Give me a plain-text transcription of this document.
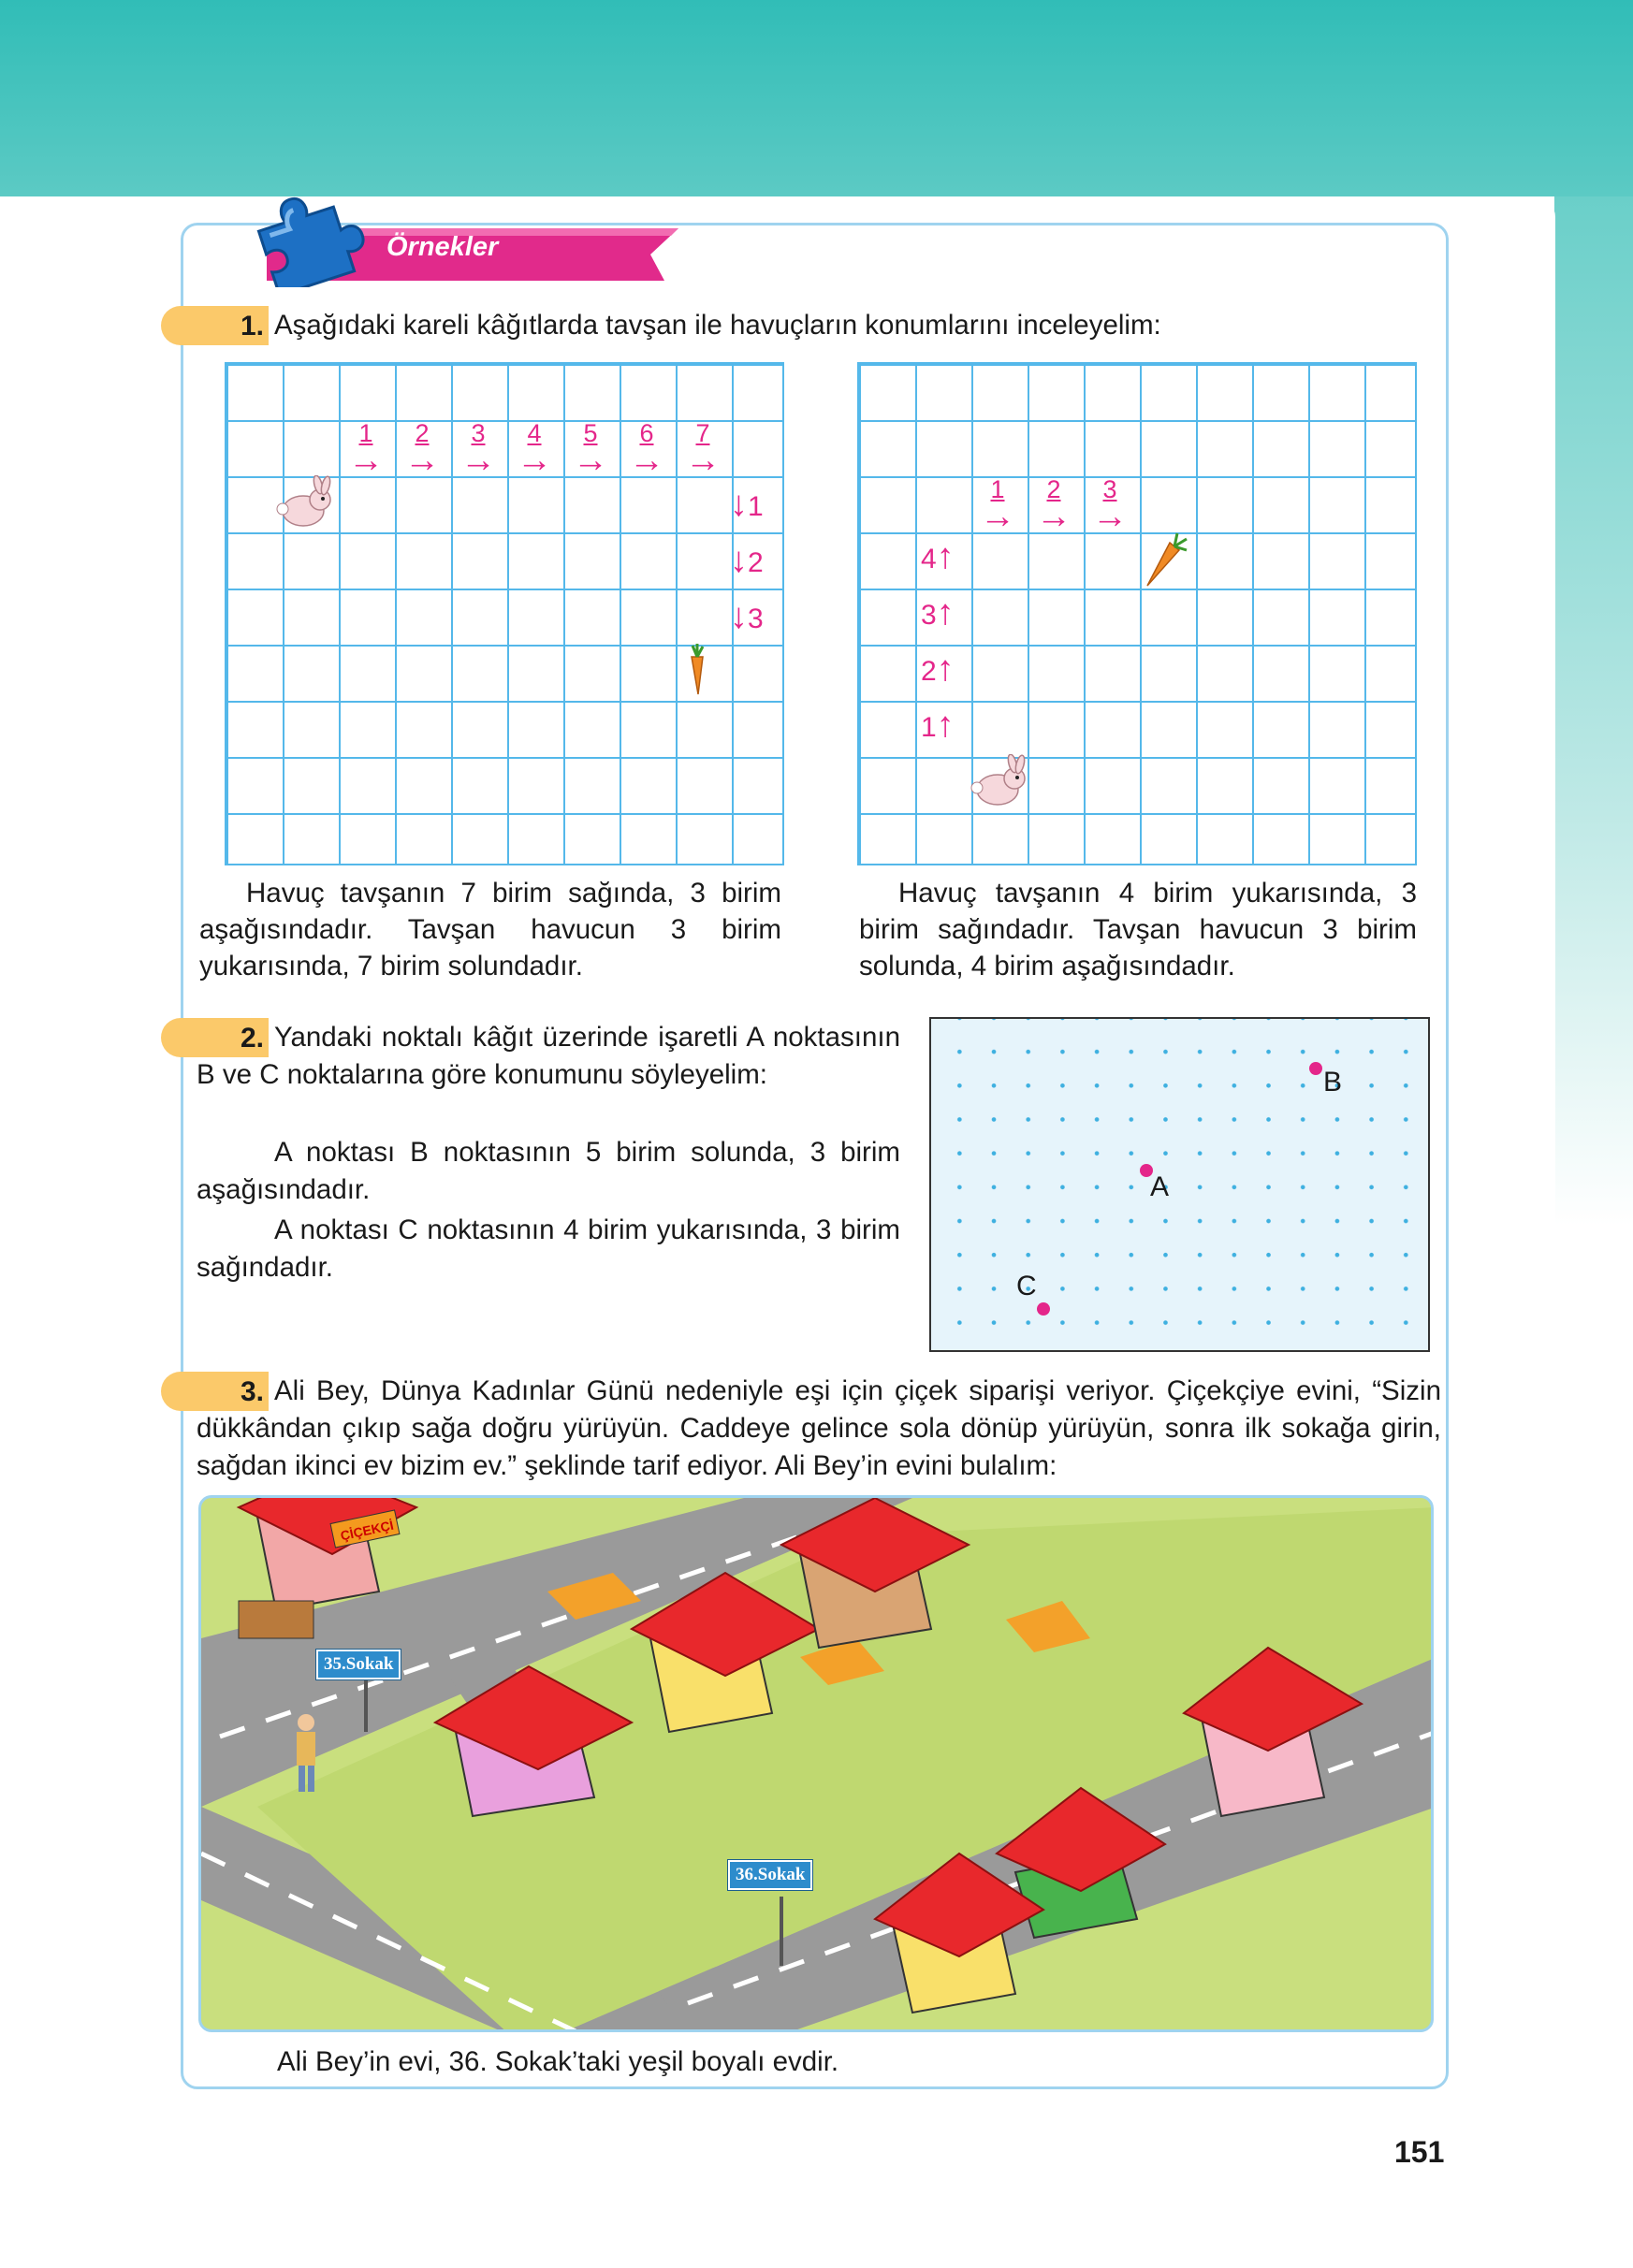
Örnekler
1. Aşağıdaki kareli kâğıtlarda tavşan ile havuçların konumlarını inceleyelim:
1
→
2
→
3
→
4
→
5
→
6
→
7
→
↓1
↓2
↓3
4↑
3↑
2↑
1↑
1
→
2
→
3
→
Havuç tavşanın 7 birim sağında, 3 birim aşağısındadır. Tavşan havucun 3 birim yukarısında, 7 birim solundadır.
Havuç tavşanın 4 birim yukarısında, 3 birim sağındadır. Tavşan havucun 3 birim solunda, 4 birim aşağısındadır.
2. Yandaki noktalı kâğıt üzerinde işaretli A noktasının B ve C noktalarına göre konumunu söyleyelim:
A noktası B noktasının 5 birim solunda, 3 birim aşağısındadır.
A noktası C noktasının 4 birim yukarısında, 3 birim sağındadır.
B
A
C
3. Ali Bey, Dünya Kadınlar Günü nedeniyle eşi için çiçek siparişi veriyor. Çiçekçiye evini, “Sizin dükkândan çıkıp sağa doğru yürüyün. Caddeye gelince sola dönüp yürüyün, sonra ilk sokağa girin, sağdan ikinci ev bizim ev.” şeklinde tarif ediyor. Ali Bey’in evini bulalım:
ÇİÇEKÇİ
35.Sokak
36.Sokak
Ali Bey’in evi, 36. Sokak’taki yeşil boyalı evdir.
151
